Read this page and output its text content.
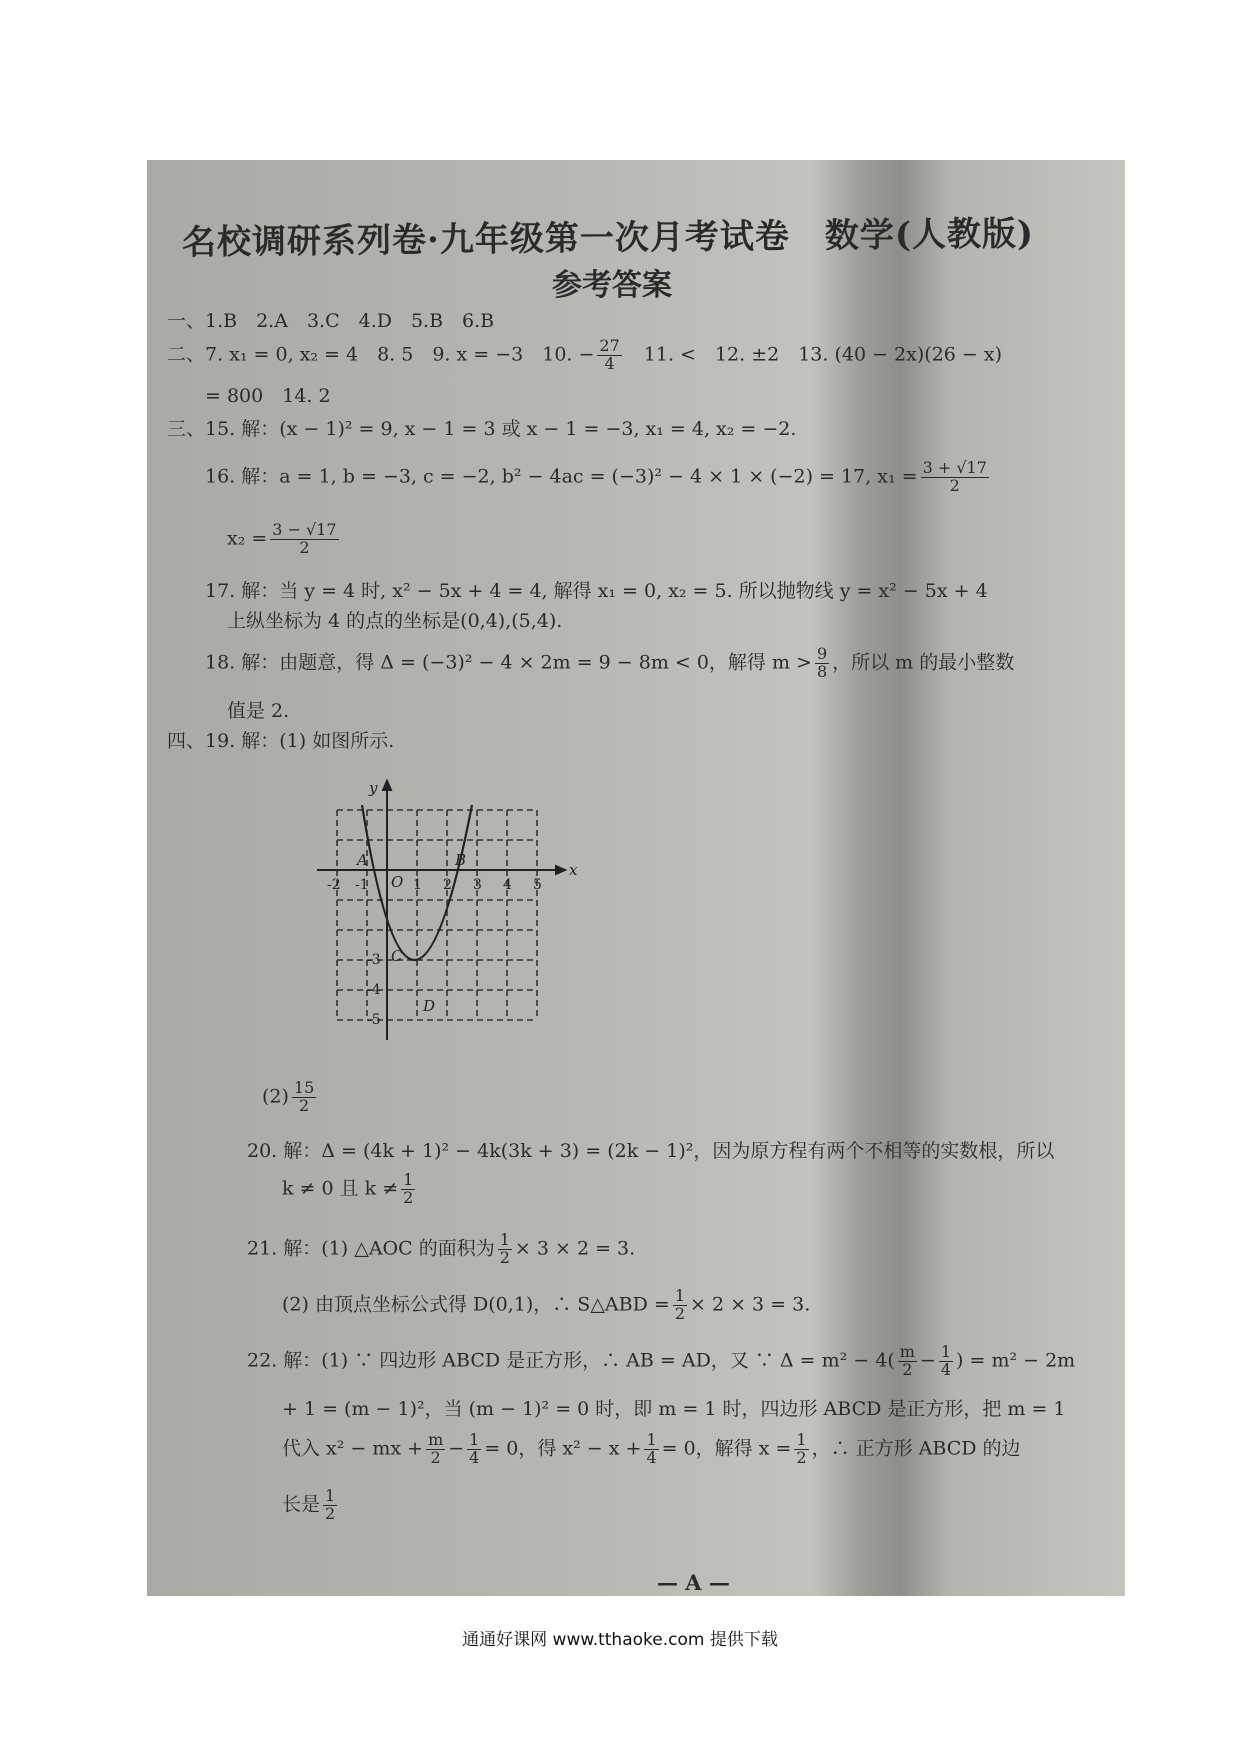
名校调研系列卷·九年级第一次月考试卷　数学(人教版)
参考答案
一、1.B　2.A　3.C　4.D　5.B　6.B
二、7. x₁ = 0, x₂ = 4　8. 5　9. x = −3　10. − $\frac{27}{4}$ 　11. <　12. ±2　13. (40 − 2x)(26 − x)
= 800　14. 2
三、15. 解：(x − 1)² = 9, x − 1 = 3 或 x − 1 = −3, x₁ = 4, x₂ = −2.
16. 解：a = 1, b = −3, c = −2, b² − 4ac = (−3)² − 4 × 1 × (−2) = 17, $x_1 = \frac{3 + √17}{2}$
$x_2 = \frac{3 - √17}{2}$
17. 解：当 y = 4 时, x² − 5x + 4 = 4, 解得 x₁ = 0, x₂ = 5. 所以抛物线 y = x² − 5x + 4
上纵坐标为 4 的点的坐标是(0,4),(5,4).
18. 解：由题意，得 Δ = (−3)² − 4 × 2m = 9 − 8m < 0，解得 $m > \frac{9}{8}$ ，所以 m 的最小整数
值是 2.
四、19. 解：(1) 如图所示.
x
y
O
A	B
C
D
-2 -1	1 2 3 4 5
-3
-4
-5
$(2) \frac{15}{2}$
20. 解：Δ = (4k + 1)² − 4k(3k + 3) = (2k − 1)²，因为原方程有两个不相等的实数根，所以
k ≠ 0 且 $k \ne \frac{1}{2}$
21. 解：(1) △AOC 的面积为 $\frac{1}{2} \times 3 \times 2 = 3$.
(2) 由顶点坐标公式得 D(0,1)，∴ S△ABD = $\frac{1}{2} \times 2 \times 3 = 3$.
22. 解：(1) ∵ 四边形 ABCD 是正方形，∴ AB = AD，又 ∵ $\Delta = m^2 - 4( \frac{m}{2} - \frac{1}{4}$ ) = m² − 2m
+ 1 = (m − 1)²，当 (m − 1)² = 0 时，即 m = 1 时，四边形 ABCD 是正方形，把 m = 1
代入 x² − mx + $\frac{m}{2} - \frac{1}{4} = 0$，得 $x^2 - x + \frac{1}{4} = 0$，解得 $x = \frac{1}{2}$ ，∴ 正方形 ABCD 的边
长是 $\frac{1}{2}$
— A —
通通好课网 www.tthaoke.com 提供下载
